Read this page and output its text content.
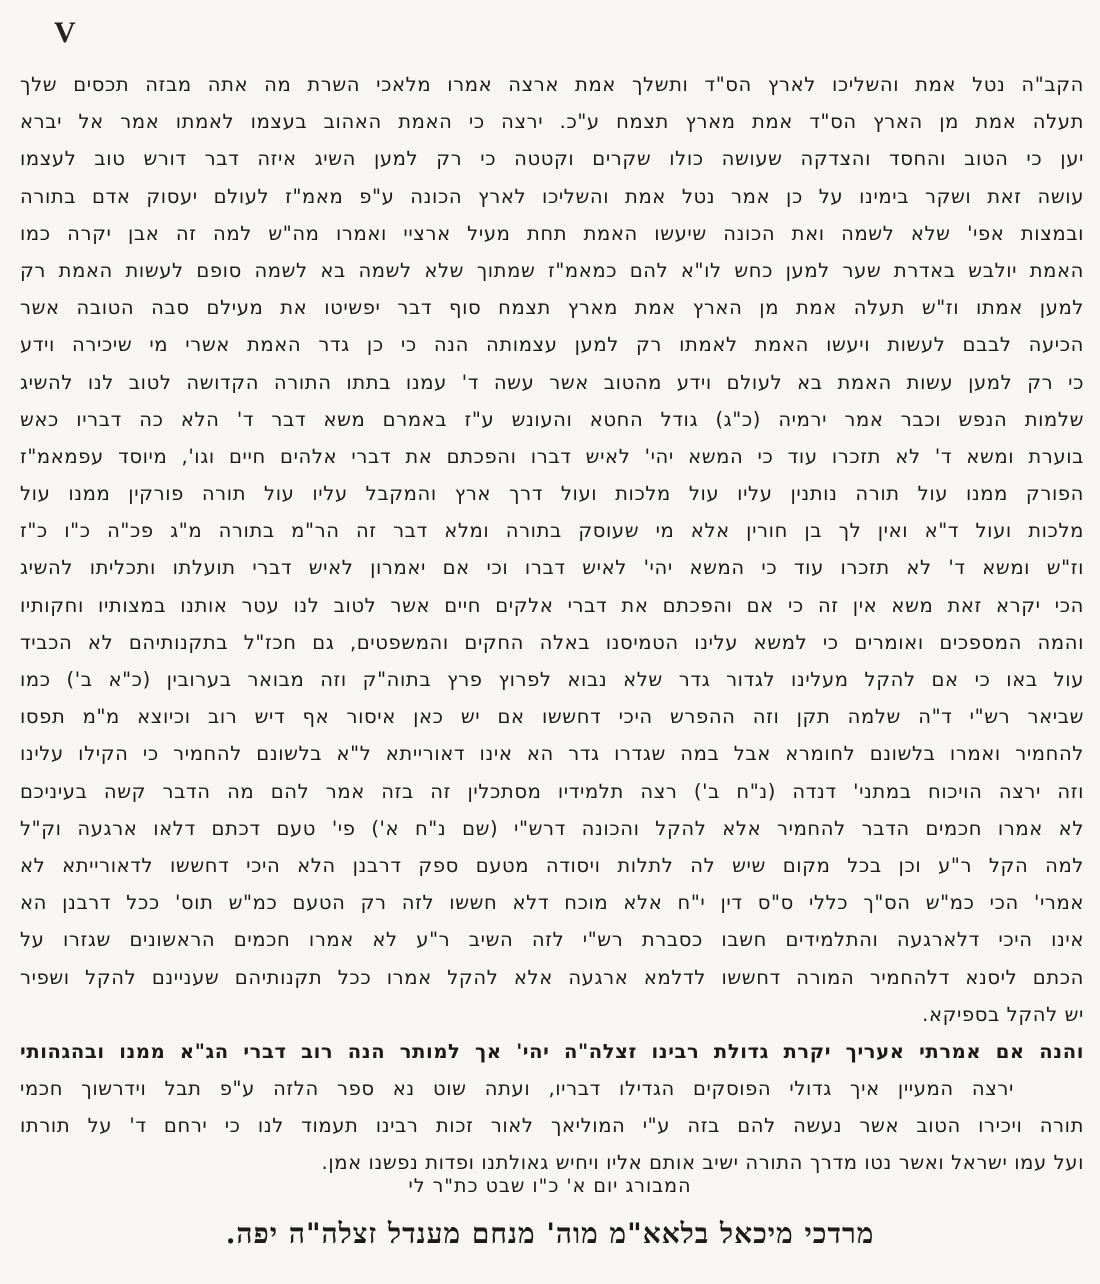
V
הקב"ה נטל אמת והשליכו לארץ הס"ד ותשלך אמת ארצה אמרו מלאכי השרת מה אתה מבזה תכסים שלך
תעלה אמת מן הארץ הס"ד אמת מארץ תצמח ע"כ. ירצה כי האמת האהוב בעצמו לאמתו אמר אל יברא
יען כי הטוב והחסד והצדקה שעושה כולו שקרים וקטטה כי רק למען השיג איזה דבר דורש טוב לעצמו
עושה זאת ושקר בימינו על כן אמר נטל אמת והשליכו לארץ הכונה ע"פ מאמ"ז לעולם יעסוק אדם בתורה
ובמצות אפי' שלא לשמה ואת הכונה שיעשו האמת תחת מעיל ארציי ואמרו מה"ש למה זה אבן יקרה כמו
האמת יולבש באדרת שער למען כחש לו"א להם כמאמ"ז שמתוך שלא לשמה בא לשמה סופם לעשות האמת רק
למען אמתו וז"ש תעלה אמת מן הארץ אמת מארץ תצמח סוף דבר יפשיטו את מעילם סבה הטובה אשר
הכיעה לבבם לעשות ויעשו האמת לאמתו רק למען עצמותה הנה כי כן גדר האמת אשרי מי שיכירה וידע
כי רק למען עשות האמת בא לעולם וידע מהטוב אשר עשה ד' עמנו בתתו התורה הקדושה לטוב לנו להשיג
שלמות הנפש וכבר אמר ירמיה (כ"ג) גודל החטא והעונש ע"ז באמרם משא דבר ד' הלא כה דבריו כאש
בוערת ומשא ד' לא תזכרו עוד כי המשא יהי' לאיש דברו והפכתם את דברי אלהים חיים וגו', מיוסד עפמאמ"ז
הפורק ממנו עול תורה נותנין עליו עול מלכות ועול דרך ארץ והמקבל עליו עול תורה פורקין ממנו עול
מלכות ועול ד"א ואין לך בן חורין אלא מי שעוסק בתורה ומלא דבר זה הר"מ בתורה מ"ג פכ"ה כ"ו כ"ז
וז"ש ומשא ד' לא תזכרו עוד כי המשא יהי' לאיש דברו וכי אם יאמרון לאיש דברי תועלתו ותכליתו להשיג
הכי יקרא זאת משא אין זה כי אם והפכתם את דברי אלקים חיים אשר לטוב לנו עטר אותנו במצותיו וחקותיו
והמה המספכים ואומרים כי למשא עלינו הטמיסנו באלה החקים והמשפטים, גם חכז"ל בתקנותיהם לא הכביד
עול באו כי אם להקל מעלינו לגדור גדר שלא נבוא לפרוץ פרץ בתוה"ק וזה מבואר בערובין (כ"א ב') כמו
שביאר רש"י ד"ה שלמה תקן וזה ההפרש היכי דחששו אם יש כאן איסור אף דיש רוב וכיוצא מ"מ תפסו
להחמיר ואמרו בלשונם לחומרא אבל במה שגדרו גדר הא אינו דאורייתא ל"א בלשונם להחמיר כי הקילו עלינו
וזה ירצה הויכוח במתני' דנדה (נ"ח ב') רצה תלמידיו מסתכלין זה בזה אמר להם מה הדבר קשה בעיניכם
לא אמרו חכמים הדבר להחמיר אלא להקל והכונה דרש"י (שם נ"ח א') פי' טעם דכתם דלאו ארגעה וק"ל
למה הקל ר"ע וכן בכל מקום שיש לה לתלות ויסודה מטעם ספק דרבנן הלא היכי דחששו לדאורייתא לא
אמרי' הכי כמ"ש הס"ך כללי ס"ס דין י"ח אלא מוכח דלא חששו לזה רק הטעם כמ"ש תוס' ככל דרבנן הא
אינו היכי דלארגעה והתלמידים חשבו כסברת רש"י לזה השיב ר"ע לא אמרו חכמים הראשונים שגזרו על
הכתם ליסנא דלהחמיר המורה דחששו לדלמא ארגעה אלא להקל אמרו ככל תקנותיהם שעניינם להקל ושפיר
יש להקל בספיקא.
והנה אם אמרתי אעריך יקרת גדולת רבינו זצלה"ה יהי' אך למותר הנה רוב דברי הג"א ממנו ובהגהותי
ירצה המעיין איך גדולי הפוסקים הגדילו דבריו, ועתה שוט נא ספר הלזה ע"פ תבל וידרשוך חכמי
תורה ויכירו הטוב אשר נעשה להם בזה ע"י המוליאך לאור זכות רבינו תעמוד לנו כי ירחם ד' על תורתו
ועל עמו ישראל ואשר נטו מדרך התורה ישיב אותם אליו ויחיש גאולתנו ופדות נפשנו אמן.
המבורג יום א' כ"ו שבט כת"ר לי
מרדכי מיכאל בלאא"מ מוה' מנחם מענדל זצלה"ה יפה.
